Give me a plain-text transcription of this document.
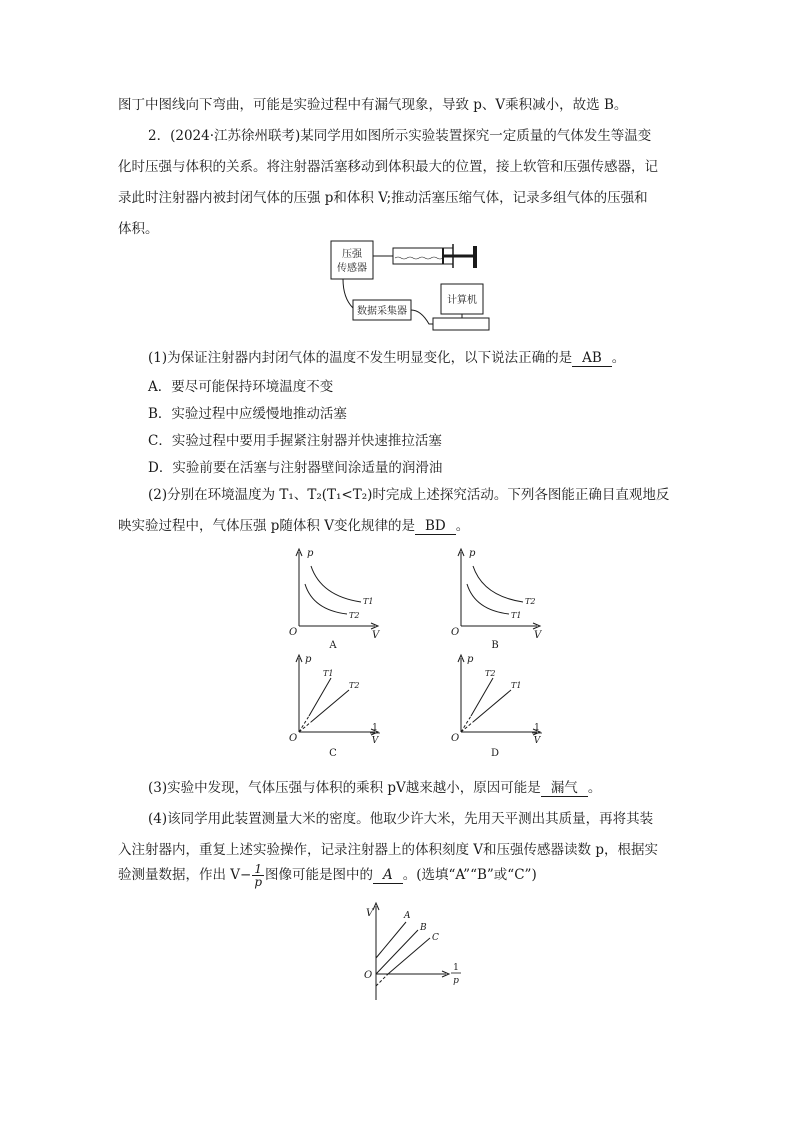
图丁中图线向下弯曲，可能是实验过程中有漏气现象，导致 p、V乘积减小，故选 B。

2．(2024·江苏徐州联考)某同学用如图所示实验装置探究一定质量的气体发生等温变

化时压强与体积的关系。将注射器活塞移动到体积最大的位置，接上软管和压强传感器，记

录此时注射器内被封闭气体的压强 p和体积 V;推动活塞压缩气体，记录多组气体的压强和

体积。

压强
传感器
数据采集器
计算机

(1)为保证注射器内封闭气体的温度不发生明显变化，以下说法正确的是 AB 。

A．要尽可能保持环境温度不变

B．实验过程中应缓慢地推动活塞

C．实验过程中要用手握紧注射器并快速推拉活塞

D．实验前要在活塞与注射器壁间涂适量的润滑油

(2)分别在环境温度为 T₁、T₂(T₁<T₂)时完成上述探究活动。下列各图能正确目直观地反

映实验过程中，气体压强 p随体积 V变化规律的是 BD 。

p
V
O
T1
T2
A
p
V
O
T2
T1
B
p
1
V
O
T1
T2
C
p
1
V
O
T2
T1
D

(3)实验中发现，气体压强与体积的乘积 pV越来越小，原因可能是 漏气 。

(4)该同学用此装置测量大米的密度。他取少许大米，先用天平测出其质量，再将其装

入注射器内，重复上述实验操作，记录注射器上的体积刻度 V和压强传感器读数 p，根据实

验测量数据，作出 $V- \frac{1}{p}$ 图像可能是图中的 A 。(选填“A”“B”或“C”)

V
1
p
O
A
B
C
